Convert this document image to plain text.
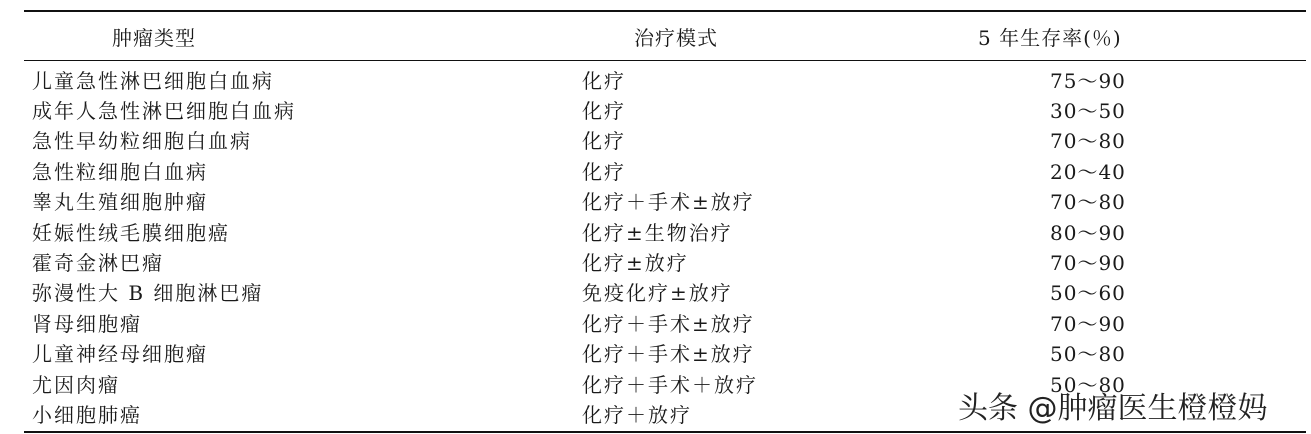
肿瘤类型	治疗模式	5 年生存率(％)
儿童急性淋巴细胞白血病	化疗	75～90
成年人急性淋巴细胞白血病	化疗	30～50
急性早幼粒细胞白血病	化疗	70～80
急性粒细胞白血病	化疗	20～40
睾丸生殖细胞肿瘤	化疗＋手术±放疗	70～80
妊娠性绒毛膜细胞癌	化疗±生物治疗	80～90
霍奇金淋巴瘤	化疗±放疗	70～90
弥漫性大 B 细胞淋巴瘤	免疫化疗±放疗	50～60
肾母细胞瘤	化疗＋手术±放疗	70～90
儿童神经母细胞瘤	化疗＋手术±放疗	50～80
尤因肉瘤	化疗＋手术＋放疗	50～80
小细胞肺癌	化疗＋放疗	头条 @肿瘤医生橙橙妈
